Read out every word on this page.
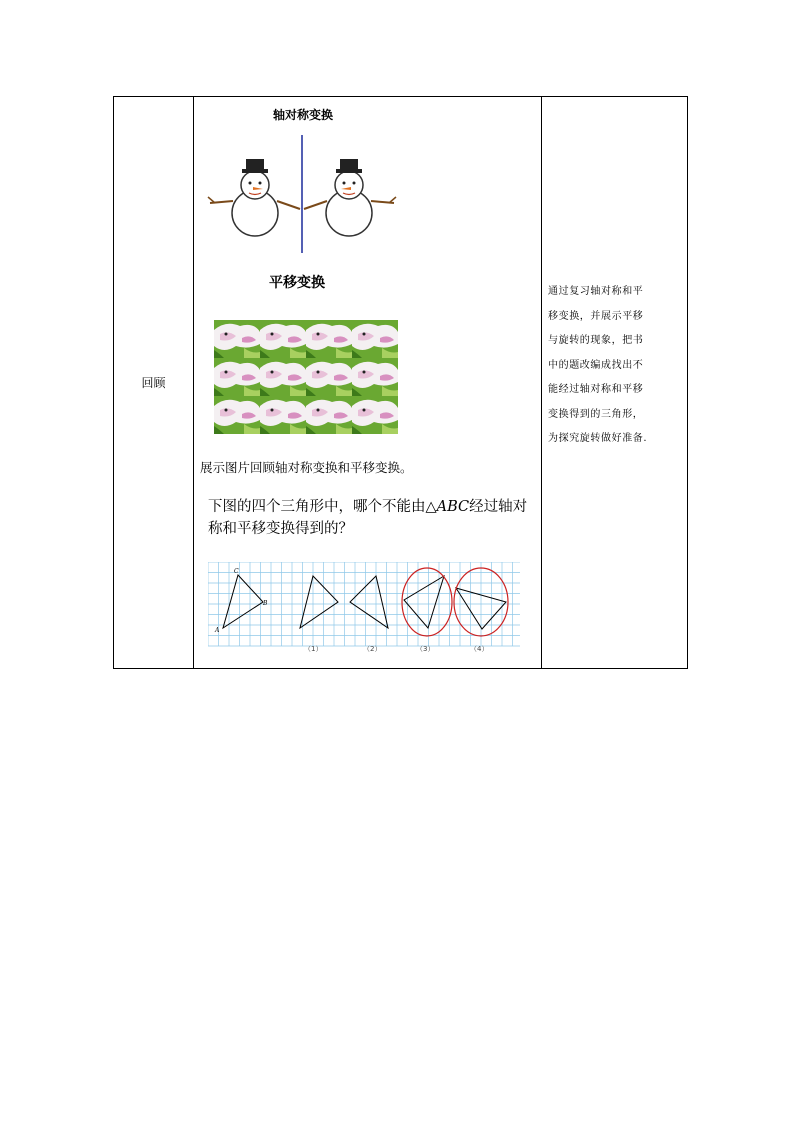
回顾
轴对称变换
平移变换
展示图片回顾轴对称变换和平移变换。
下图的四个三角形中，哪个不能由△ABC经过轴对称和平移变换得到的？
C
B
A
（1）	（2）	（3）	（4）
通过复习轴对称和平
移变换，并展示平移
与旋转的现象，把书
中的题改编成找出不
能经过轴对称和平移
变换得到的三角形，
为探究旋转做好准备.
